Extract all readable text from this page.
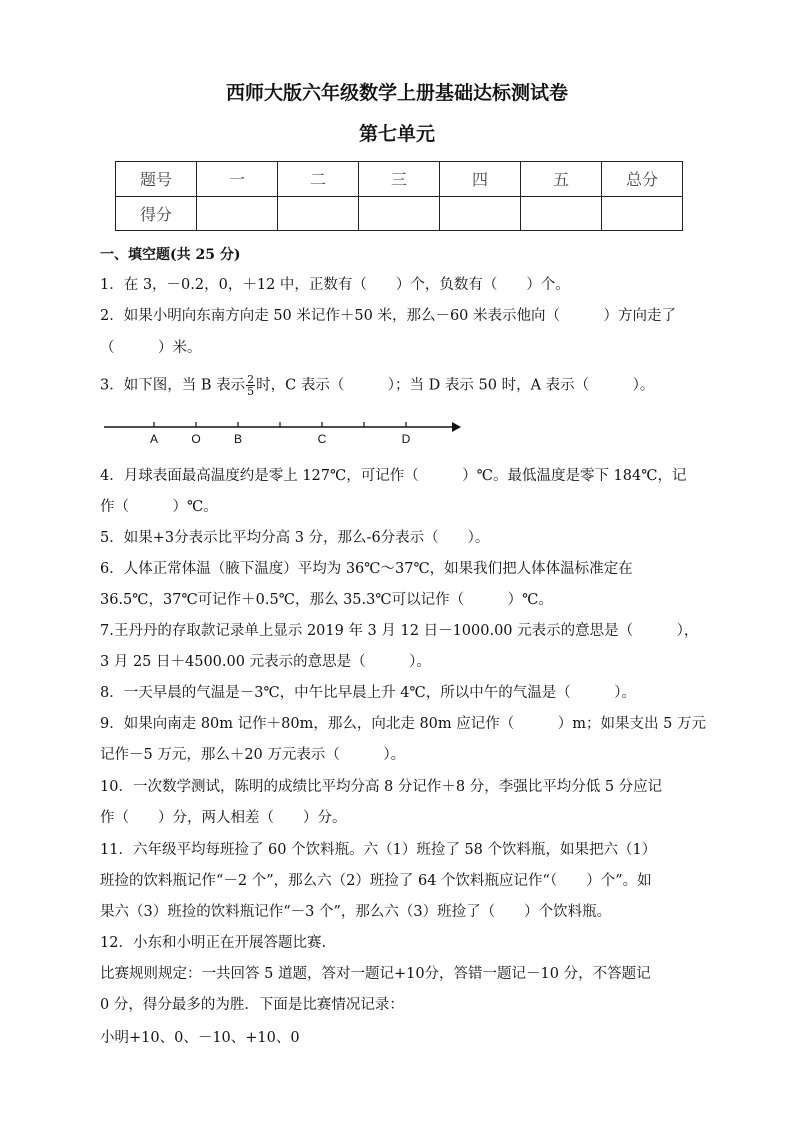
西师大版六年级数学上册基础达标测试卷
第七单元
题号	一	二	三	四	五	总分
得分						
一、填空题(共 25 分)
1．在 3，－0.2，0，＋12 中，正数有（　　）个，负数有（　　）个。
2．如果小明向东南方向走 50 米记作＋50 米，那么－60 米表示他向（　　　）方向走了
（　　　）米。
3．如下图，当 B 表示 $\frac{2}{5}$ 时，C 表示（　　　）；当 D 表示 50 时，A 表示（　　　）。
A	O	B	C	D
4．月球表面最高温度约是零上 127℃，可记作（　　　）℃。最低温度是零下 184℃，记
作（　　　）℃。
5．如果+3分表示比平均分高 3 分，那么-6分表示（　　）。
6．人体正常体温（腋下温度）平均为 36℃～37℃，如果我们把人体体温标准定在
36.5℃，37℃可记作＋0.5℃，那么 35.3℃可以记作（　　　）℃。
7.王丹丹的存取款记录单上显示 2019 年 3 月 12 日－1000.00 元表示的意思是（　　　），
3 月 25 日＋4500.00 元表示的意思是（　　　）。
8．一天早晨的气温是－3℃，中午比早晨上升 4℃，所以中午的气温是（　　　）。
9．如果向南走 80m 记作＋80m，那么，向北走 80m 应记作（　　　）m；如果支出 5 万元
记作－5 万元，那么＋20 万元表示（　　　）。
10．一次数学测试，陈明的成绩比平均分高 8 分记作＋8 分，李强比平均分低 5 分应记
作（　　）分，两人相差（　　）分。
11．六年级平均每班捡了 60 个饮料瓶。六（1）班捡了 58 个饮料瓶，如果把六（1）
班捡的饮料瓶记作“－2 个”，那么六（2）班捡了 64 个饮料瓶应记作“（　　）个”。如
果六（3）班捡的饮料瓶记作“－3 个”，那么六（3）班捡了（　　）个饮料瓶。
12．小东和小明正在开展答题比赛.
比赛规则规定：一共回答 5 道题，答对一题记+10分，答错一题记－10 分，不答题记
0 分，得分最多的为胜．下面是比赛情况记录：
小明+10、0、－10、+10、0
